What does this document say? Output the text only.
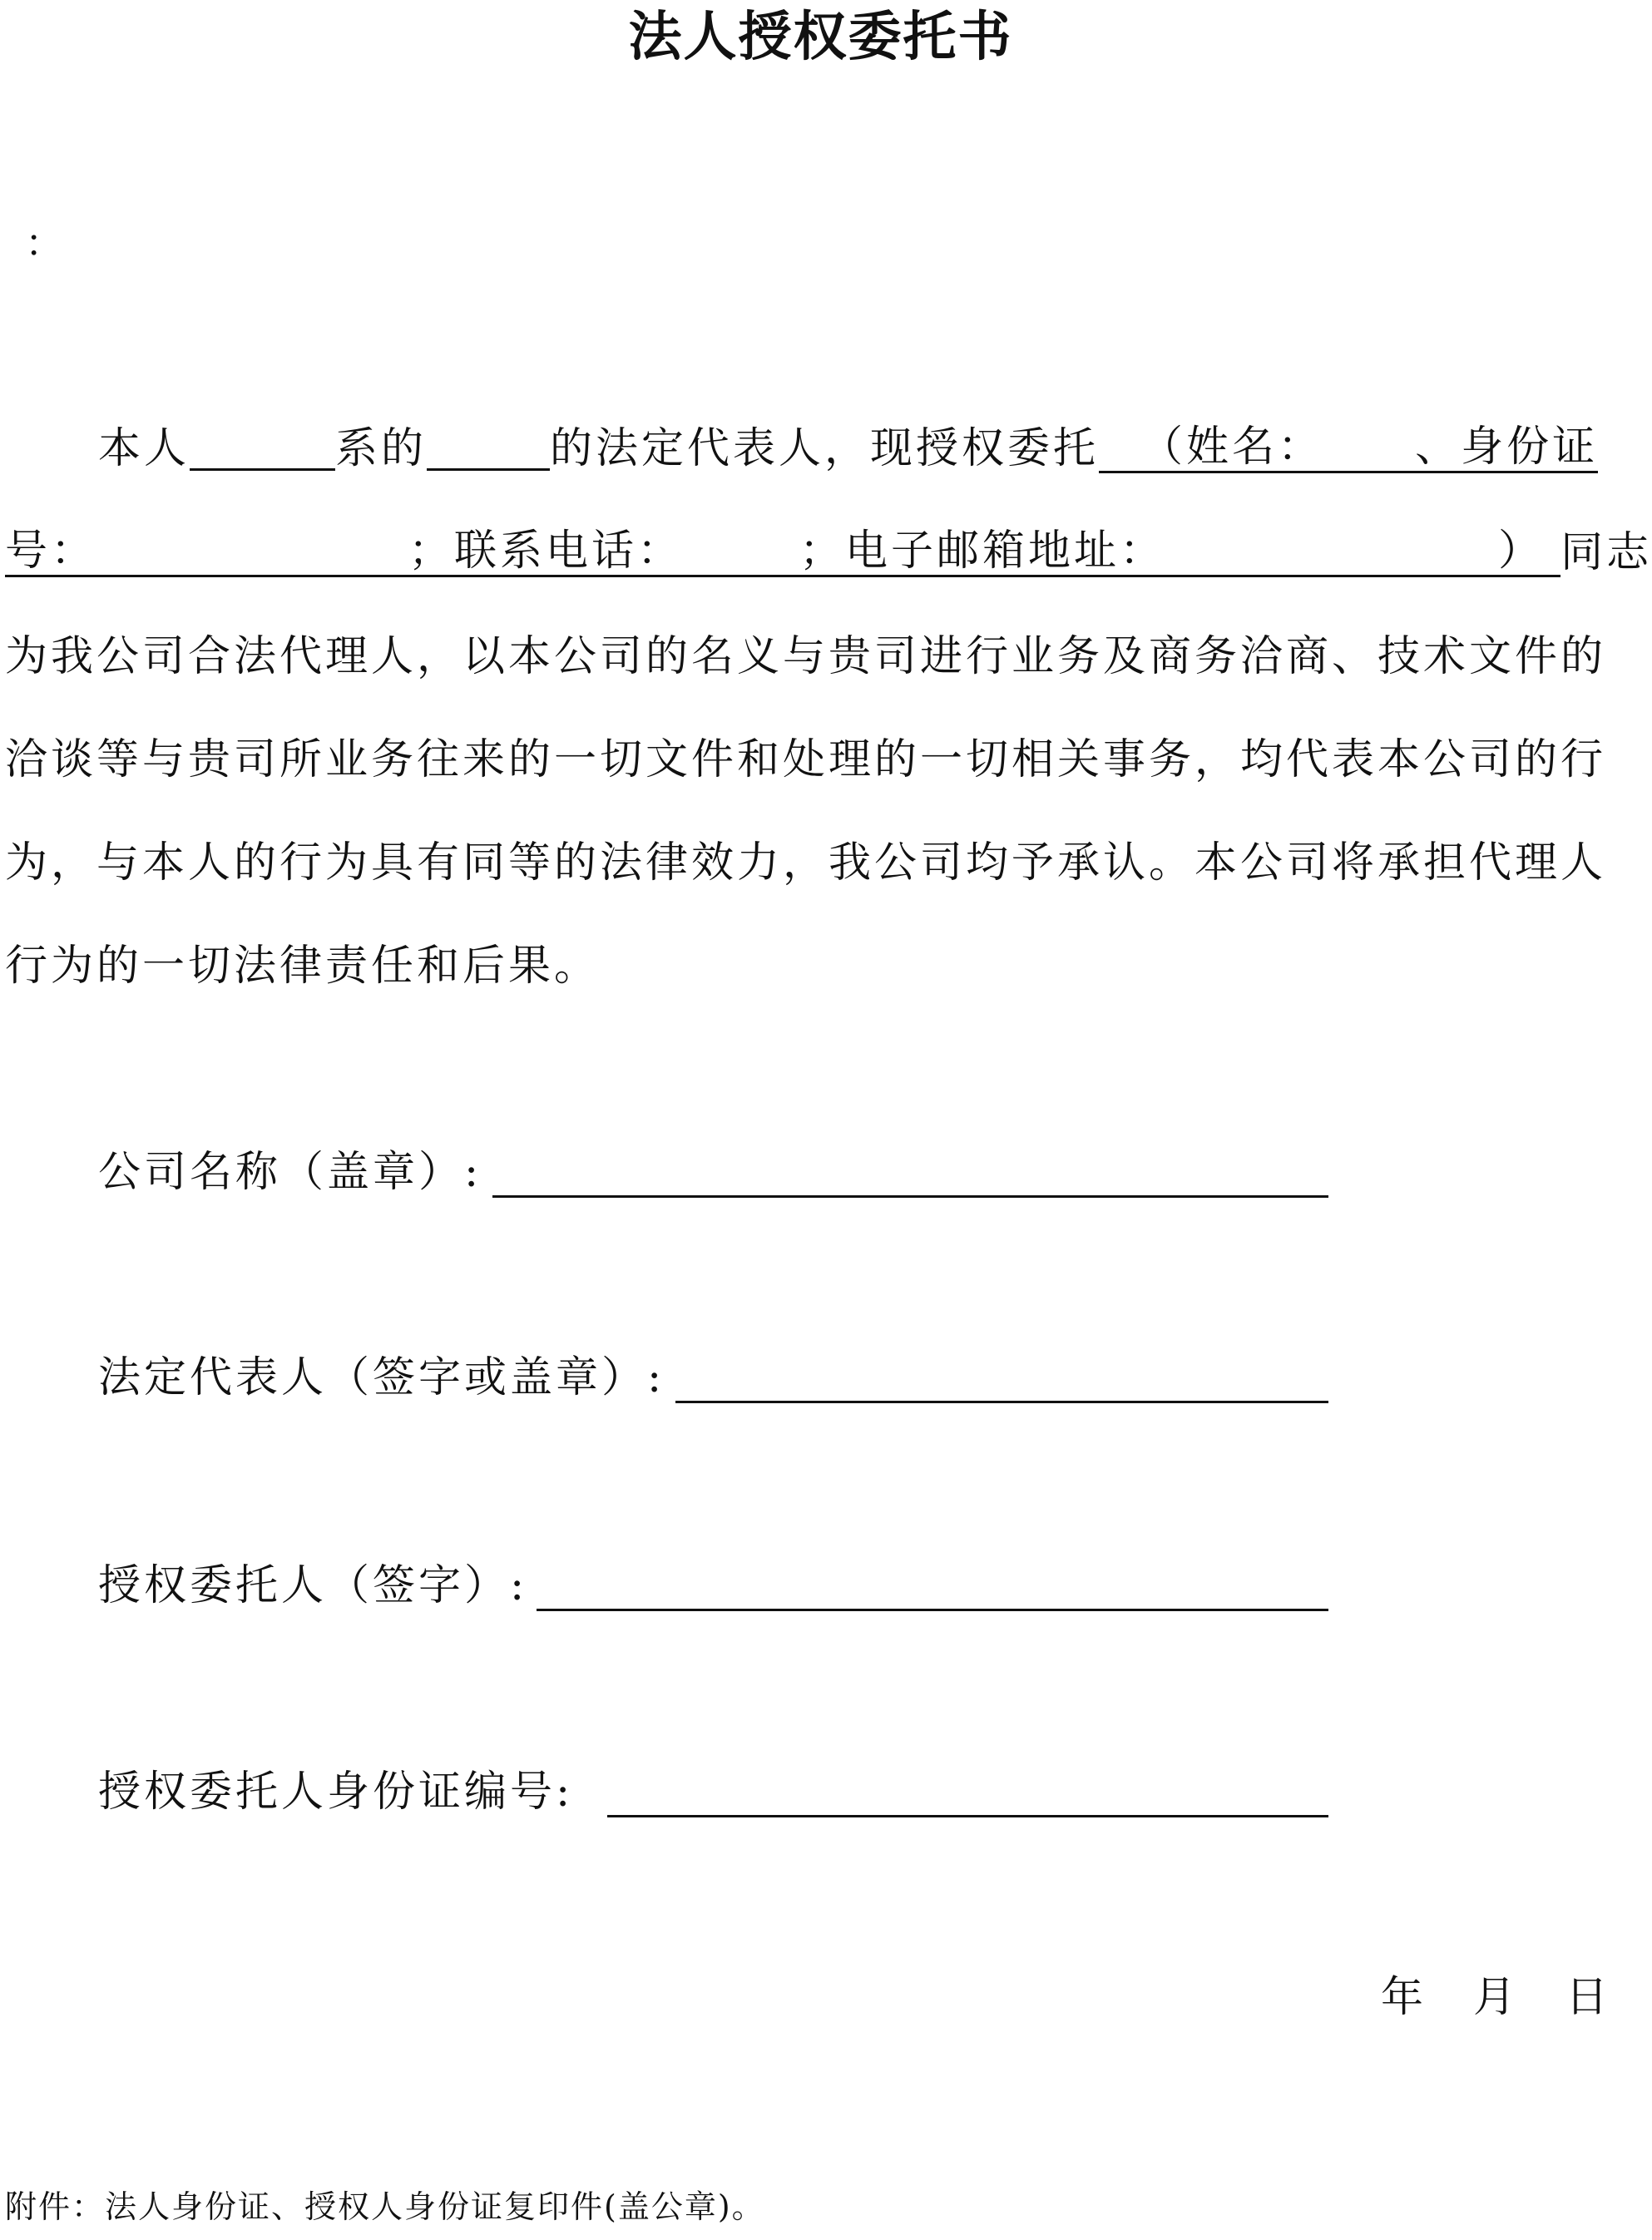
法人授权委托书
：
本人	系的	的法定代表人，现授权委托 （姓名： 、身份证
号：	；联系电话：	；电子邮箱地址：	） 同志
为我公司合法代理人，以本公司的名义与贵司进行业务及商务洽商、技术文件的
洽谈等与贵司所业务往来的一切文件和处理的一切相关事务，均代表本公司的行
为，与本人的行为具有同等的法律效力，我公司均予承认。本公司将承担代理人
行为的一切法律责任和后果。
公司名称（盖章）:
法定代表人（签字或盖章）:
授权委托人（签字）:
授权委托人身份证编号:
年 月 日
附件：法人身份证、授权人身份证复印件(盖公章)。
